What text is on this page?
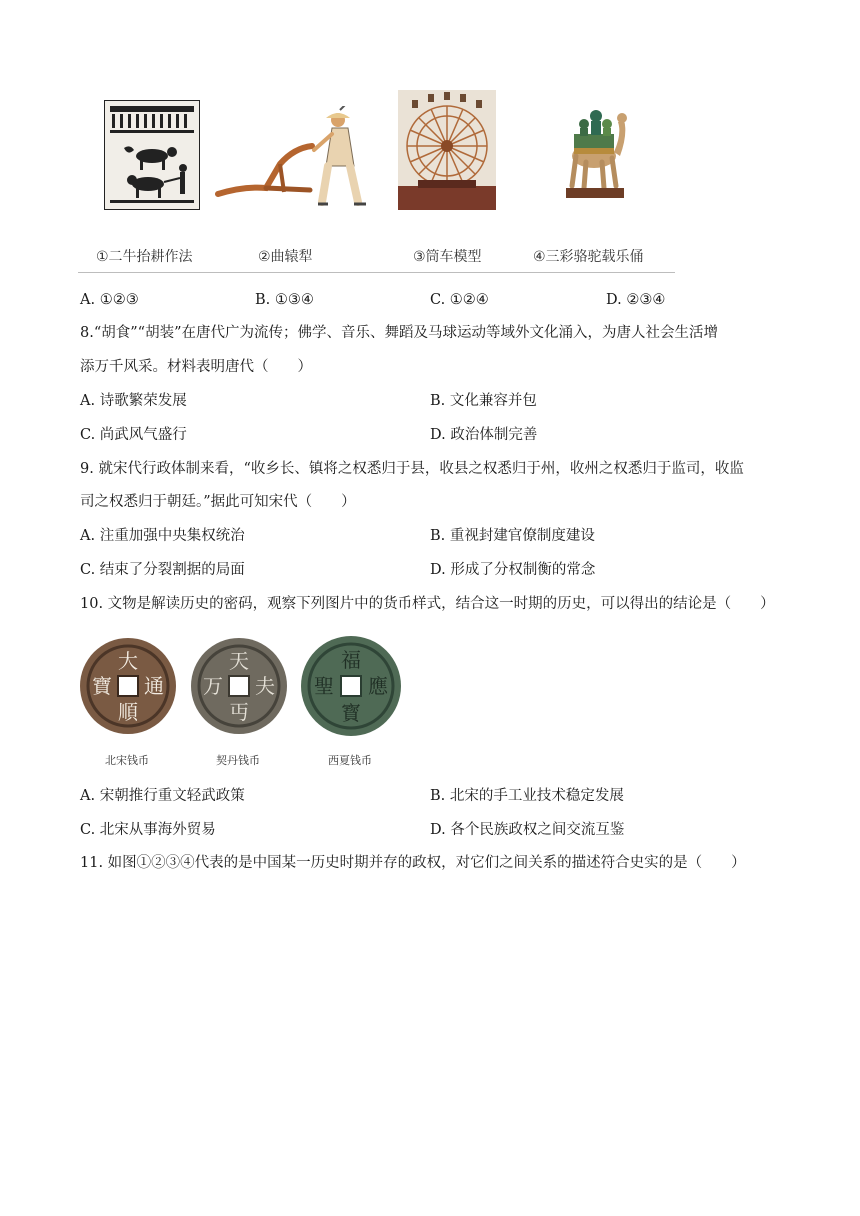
①二牛抬耕作法	②曲辕犁	③筒车模型	④三彩骆驼载乐俑
A. ①②③	B. ①③④	C. ①②④	D. ②③④
8.“胡食”“胡装”在唐代广为流传；佛学、音乐、舞蹈及马球运动等域外文化涌入，为唐人社会生活增
添万千风采。材料表明唐代（　　）
A. 诗歌繁荣发展	B. 文化兼容并包
C. 尚武风气盛行	D. 政治体制完善
9. 就宋代行政体制来看，“收乡长、镇将之权悉归于县，收县之权悉归于州，收州之权悉归于监司，收监
司之权悉归于朝廷。”据此可知宋代（　　）
A. 注重加强中央集权统治	B. 重视封建官僚制度建设
C. 结束了分裂割据的局面	D. 形成了分权制衡的常念
10. 文物是解读历史的密码，观察下列图片中的货币样式，结合这一时期的历史，可以得出的结论是（　　）
大
通
順
寶
天
夫
丏
万
福
應
寳
聖
北宋钱币	契丹钱币	西夏钱币
A. 宋朝推行重文轻武政策	B. 北宋的手工业技术稳定发展
C. 北宋从事海外贸易	D. 各个民族政权之间交流互鉴
11. 如图①②③④代表的是中国某一历史时期并存的政权，对它们之间关系的描述符合史实的是（　　）
